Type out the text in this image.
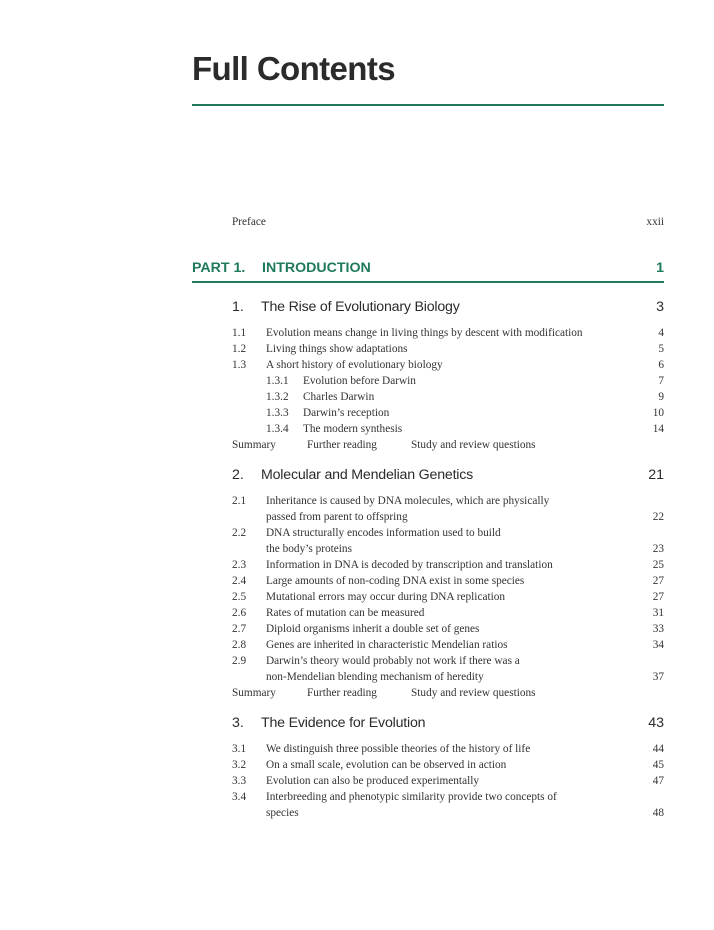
Full Contents
Preface	xxii
PART 1. INTRODUCTION	1
1. The Rise of Evolutionary Biology	3
1.1 Evolution means change in living things by descent with modification	4
1.2 Living things show adaptations	5
1.3 A short history of evolutionary biology	6
1.3.1 Evolution before Darwin	7
1.3.2 Charles Darwin	9
1.3.3 Darwin’s reception	10
1.3.4 The modern synthesis	14
Summary	Further reading	Study and review questions
2. Molecular and Mendelian Genetics	21
2.1 Inheritance is caused by DNA molecules, which are physically
passed from parent to offspring	22
2.2 DNA structurally encodes information used to build
the body’s proteins	23
2.3 Information in DNA is decoded by transcription and translation	25
2.4 Large amounts of non-coding DNA exist in some species	27
2.5 Mutational errors may occur during DNA replication	27
2.6 Rates of mutation can be measured	31
2.7 Diploid organisms inherit a double set of genes	33
2.8 Genes are inherited in characteristic Mendelian ratios	34
2.9 Darwin’s theory would probably not work if there was a
non-Mendelian blending mechanism of heredity	37
Summary	Further reading	Study and review questions
3. The Evidence for Evolution	43
3.1 We distinguish three possible theories of the history of life	44
3.2 On a small scale, evolution can be observed in action	45
3.3 Evolution can also be produced experimentally	47
3.4 Interbreeding and phenotypic similarity provide two concepts of
species	48
